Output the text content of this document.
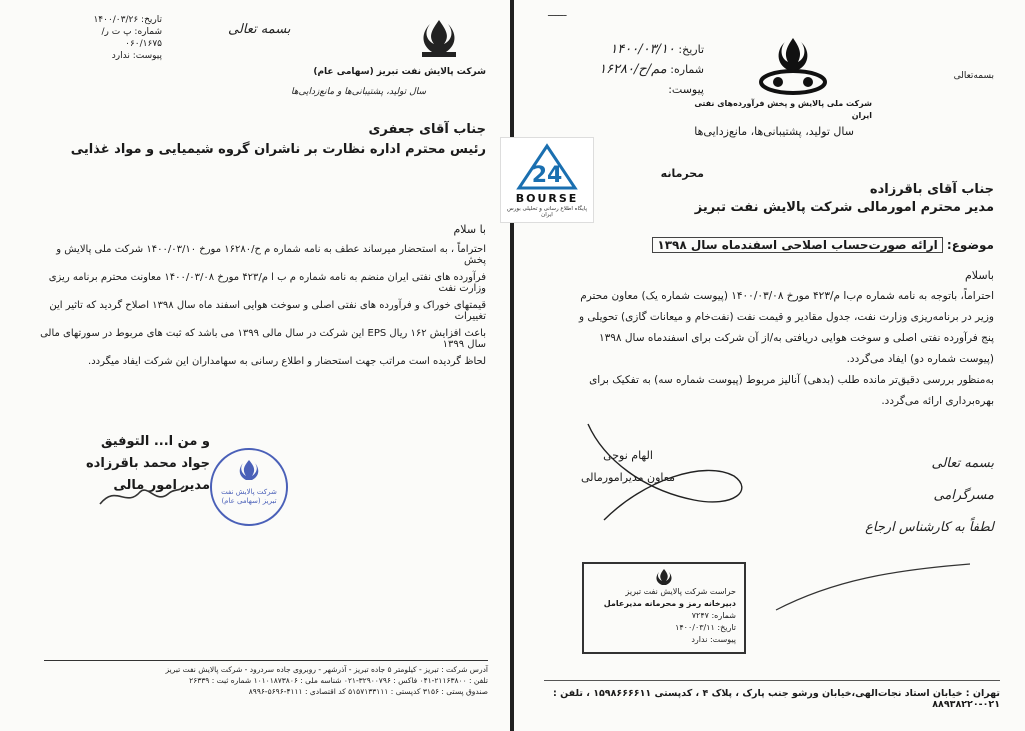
تاریخ: ۱۴۰۰/۰۳/۲۶
شماره: پ ت ر/۰۶۰/۱۶۷۵
پیوست: ندارد
بسمه تعالی
شرکت پالایش نفت تبریز (سهامی عام)
سال تولید، پشتیبانی‌ها و مانع‌زدایی‌ها
جناب آقای جعفری
رئیس محترم اداره نظارت بر ناشران گروه شیمیایی و مواد غذایی
با سلام
احتراماً ، به استحضار میرساند عطف به نامه شماره م ح/۱۶۲۸۰ مورخ ۱۴۰۰/۰۳/۱۰ شرکت ملی پالایش و پخش
فرآورده های نفتی ایران منضم به نامه شماره م ب ا م/۴۲۳ مورخ ۱۴۰۰/۰۳/۰۸ معاونت محترم برنامه ریزی وزارت نفت
قیمتهای خوراک و فرآورده های نفتی اصلی و سوخت هوایی اسفند ماه سال ۱۳۹۸ اصلاح گردید که تاثیر این تغییرات
باعث افزایش ۱۶۲ ریال EPS این شرکت در سال مالی ۱۳۹۹ می باشد که ثبت های مربوط در سورتهای مالی سال ۱۳۹۹
لحاظ گردیده است مراتب جهت استحضار و اطلاع رسانی به سهامداران این شرکت ایفاد میگردد.
و من ا... التوفیق
جواد محمد باقرزاده
مدیر امور مالی	شرکت پالایش نفت تبریز (سهامی عام)
آدرس شرکت : تبریز - کیلومتر ۵ جاده تبریز - آذرشهر - روبروی جاده سردرود - شرکت پالایش نفت تبریز
تلفن : ۲۱۱۶۳۸۰۰-۰۴۱ فاکس : ۳۲۹۰۰۷۹۶-۰۲۱ شناسه ملی : ۱۰۱۰۱۸۷۳۸۰۶ شماره ثبت : ۲۶۳۳۹
صندوق پستی : ۳۱۵۶ کدپستی : ۵۱۵۷۱۳۳۱۱۱ کد اقتصادی : ۴۱۱۱-۵۶۹۶-۸۹۹۶
ـــــــ
تاریخ: ۱۴۰۰/۰۳/۱۰
شماره: مم/ح/۱۶۲۸۰
پیوست:
شرکت ملی پالایش و پخش فرآورده‌های نفتی ایران
سال تولید، پشتیبانی‌ها، مانع‌زدایی‌ها
بسمه‌تعالی
محرمانه
جناب آقای باقرزاده
مدیر محترم امورمالی شرکت پالایش نفت تبریز
موضوع: ارائه صورت‌حساب اصلاحی اسفندماه سال ۱۳۹۸
باسلام
احتراماً، باتوجه به نامه شماره م‌ب‌ا م/۴۲۳ مورخ ۱۴۰۰/۰۳/۰۸ (پیوست شماره یک) معاون محترم
وزیر در برنامه‌ریزی وزارت نفت، جدول مقادیر و قیمت نفت (نفت‌خام و میعانات گازی) تحویلی و
پنج فرآورده نفتی اصلی و سوخت هوایی دریافتی به/از آن شرکت برای اسفندماه سال ۱۳۹۸
(پیوست شماره دو) ایفاد می‌گردد.
به‌منظور بررسی دقیق‌تر مانده طلب (بدهی) آنالیز مربوط (پیوست شماره سه) به تفکیک برای
بهره‌برداری ارائه می‌گردد.
الهام نوحی
معاون مدیرامورمالی
بسمه تعالی
مسرگرامی
لطفاً به کارشناس ارجاع
حراست شرکت پالایش نفت تبریز
دبیرخانه رمز و محرمانه مدیرعامل
شماره: ۷۲۴۷
تاریخ: ۱۴۰۰/۰۳/۱۱
پیوست: ندارد
تهران : خیابان استاد نجات‌الهی،خیابان ورشو جنب پارک ، پلاک ۴ ، کدپستی ۱۵۹۸۶۶۶۶۱۱ ، تلفن : ۰۲۱-۸۸۹۳۸۲۲۰
24
BOURSE
پایگاه اطلاع رسانی و تحلیلی بورس ایران
